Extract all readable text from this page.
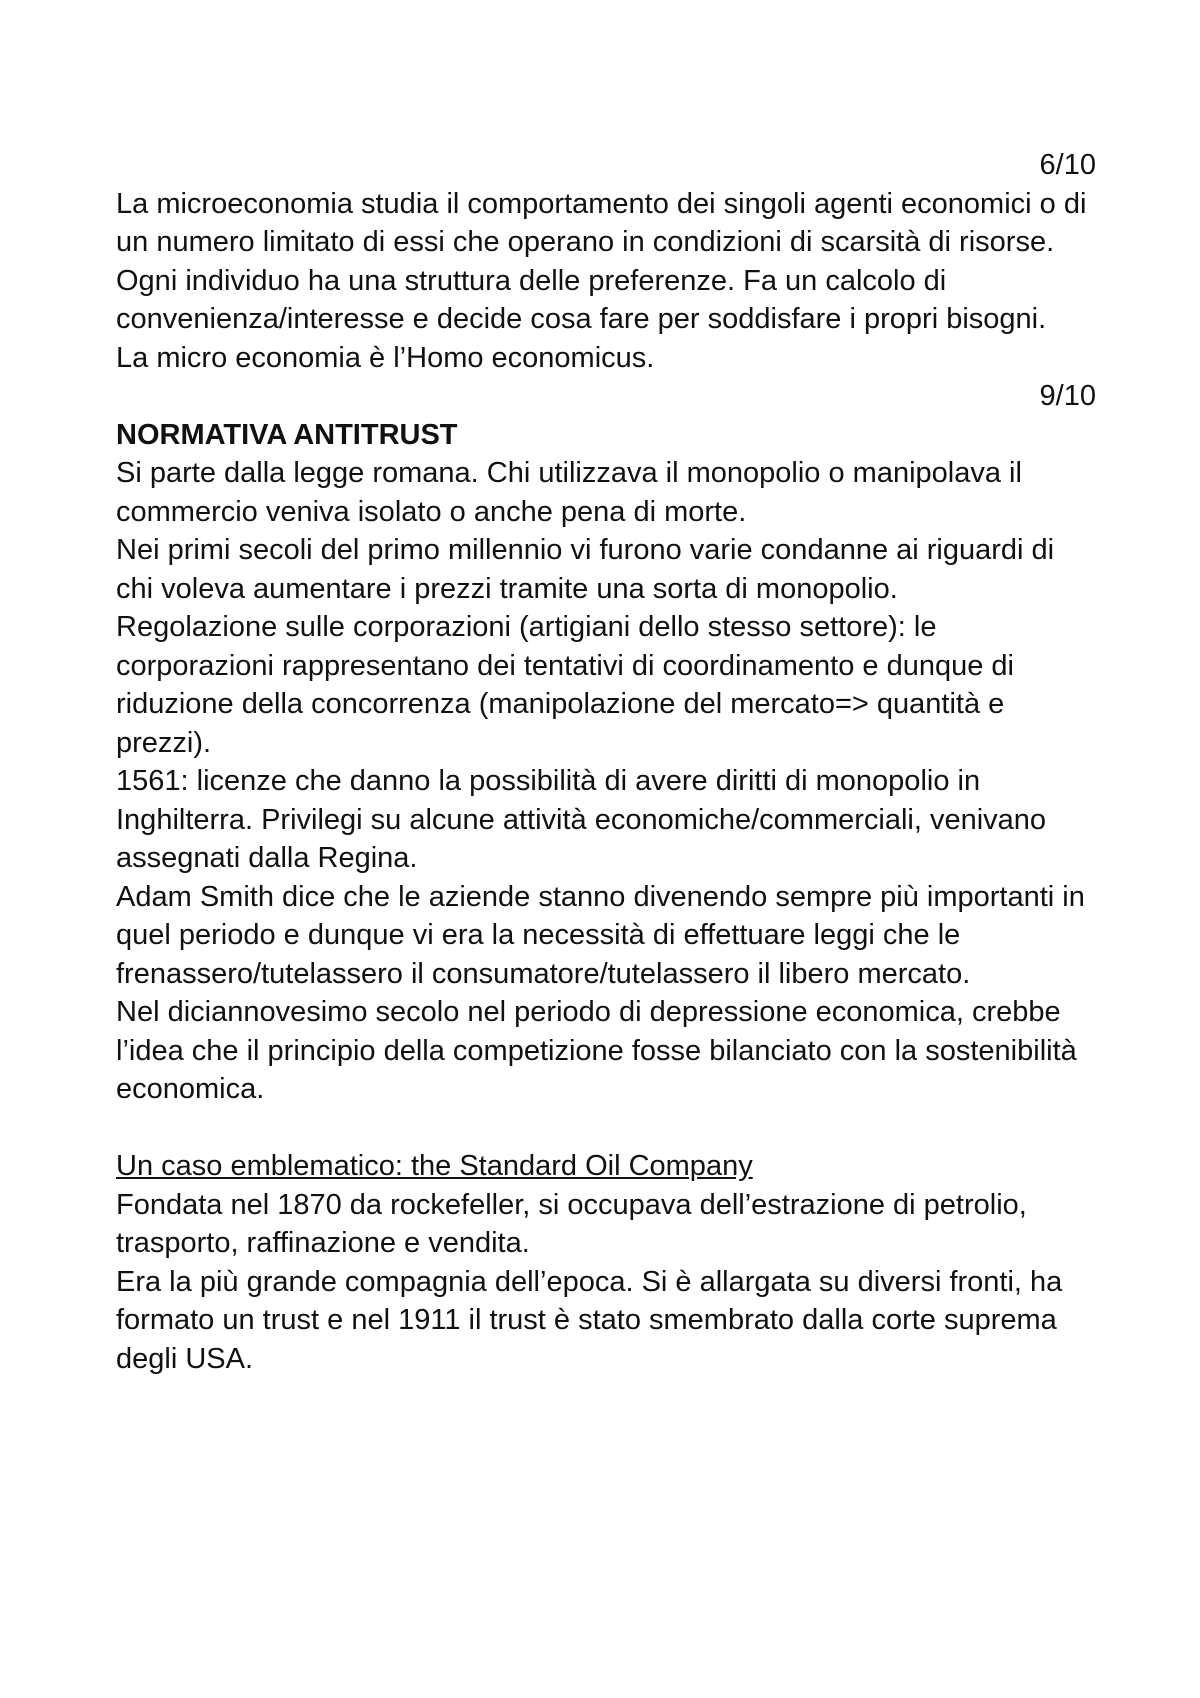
6/10

La microeconomia studia il comportamento dei singoli agenti economici o di un numero limitato di essi che operano in condizioni di scarsità di risorse.

Ogni individuo ha una struttura delle preferenze. Fa un calcolo di convenienza/interesse e decide cosa fare per soddisfare i propri bisogni.

La micro economia è l’Homo economicus.

9/10

NORMATIVA ANTITRUST

Si parte dalla legge romana. Chi utilizzava il monopolio o manipolava il commercio veniva isolato o anche pena di morte.

Nei primi secoli del primo millennio vi furono varie condanne ai riguardi di chi voleva aumentare i prezzi tramite una sorta di monopolio.

Regolazione sulle corporazioni (artigiani dello stesso settore): le corporazioni rappresentano dei tentativi di coordinamento e dunque di riduzione della concorrenza (manipolazione del mercato=> quantità e prezzi).

1561: licenze che danno la possibilità di avere diritti di monopolio in Inghilterra. Privilegi su alcune attività economiche/commerciali, venivano assegnati dalla Regina.

Adam Smith dice che le aziende stanno divenendo sempre più importanti in quel periodo e dunque vi era la necessità di effettuare leggi che le frenassero/tutelassero il consumatore/tutelassero il libero mercato.

Nel diciannovesimo secolo nel periodo di depressione economica, crebbe l’idea che il principio della competizione fosse bilanciato con la sostenibilità economica.

Un caso emblematico: the Standard Oil Company

Fondata nel 1870 da rockefeller, si occupava dell’estrazione di petrolio, trasporto, raffinazione e vendita.

Era la più grande compagnia dell’epoca. Si è allargata su diversi fronti, ha formato un trust e nel 1911 il trust è stato smembrato dalla corte suprema degli USA.
